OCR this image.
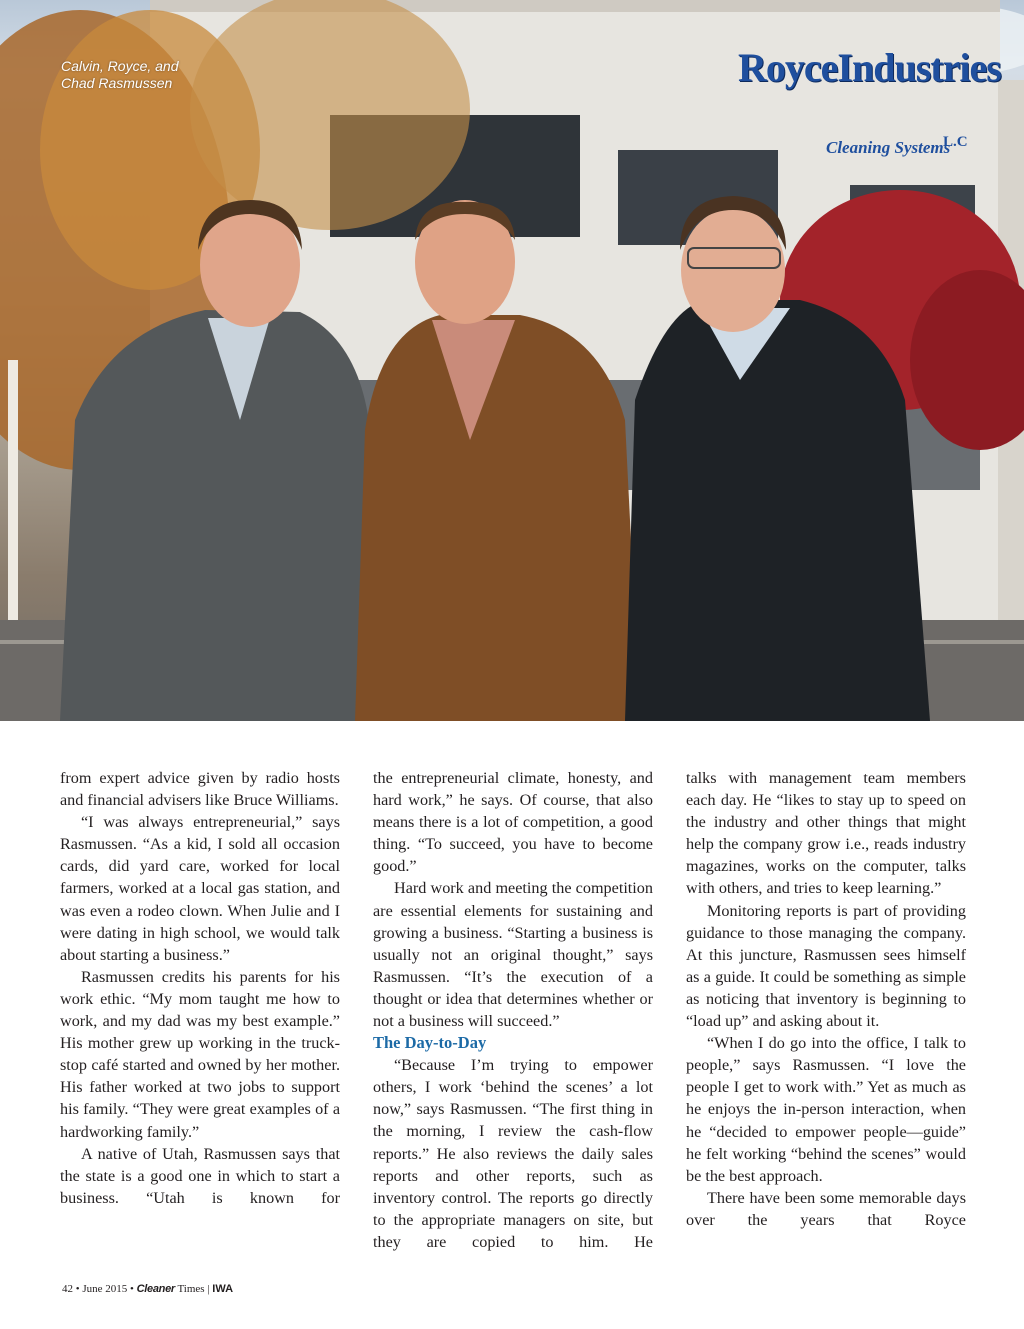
Calvin, Royce, and
Chad Rasmussen	RoyceIndustries
L.C
Cleaning Systems

from expert advice given by radio hosts and financial advisers like Bruce Williams.

“I was always entrepreneurial,” says Rasmussen. “As a kid, I sold all occasion cards, did yard care, worked for local farmers, worked at a local gas station, and was even a rodeo clown. When Julie and I were dating in high school, we would talk about starting a business.”

Rasmussen credits his parents for his work ethic. “My mom taught me how to work, and my dad was my best example.” His mother grew up working in the truck-stop café started and owned by her mother. His father worked at two jobs to support his family. “They were great examples of a hardworking family.”

A native of Utah, Rasmussen says that the state is a good one in which to start a business. “Utah is known for

the entrepreneurial climate, honesty, and hard work,” he says. Of course, that also means there is a lot of competition, a good thing. “To succeed, you have to become good.”

Hard work and meeting the competition are essential elements for sustaining and growing a business. “Starting a business is usually not an original thought,” says Rasmussen. “It’s the execution of a thought or idea that determines whether or not a business will succeed.”

The Day-to-Day

“Because I’m trying to empower others, I work ‘behind the scenes’ a lot now,” says Rasmussen. “The first thing in the morning, I review the cash-flow reports.” He also reviews the daily sales reports and other reports, such as inventory control. The reports go directly to the appropriate managers on site, but they are copied to him. He

talks with management team members each day. He “likes to stay up to speed on the industry and other things that might help the company grow i.e., reads industry magazines, works on the computer, talks with others, and tries to keep learning.”

Monitoring reports is part of providing guidance to those managing the company. At this juncture, Rasmussen sees himself as a guide. It could be something as simple as noticing that inventory is beginning to “load up” and asking about it.

“When I do go into the office, I talk to people,” says Rasmussen. “I love the people I get to work with.” Yet as much as he enjoys the in-person interaction, when he “decided to empower people—guide” he felt working “behind the scenes” would be the best approach.

There have been some memorable days over the years that Royce

42 • June 2015 • Cleaner Times | IWA
